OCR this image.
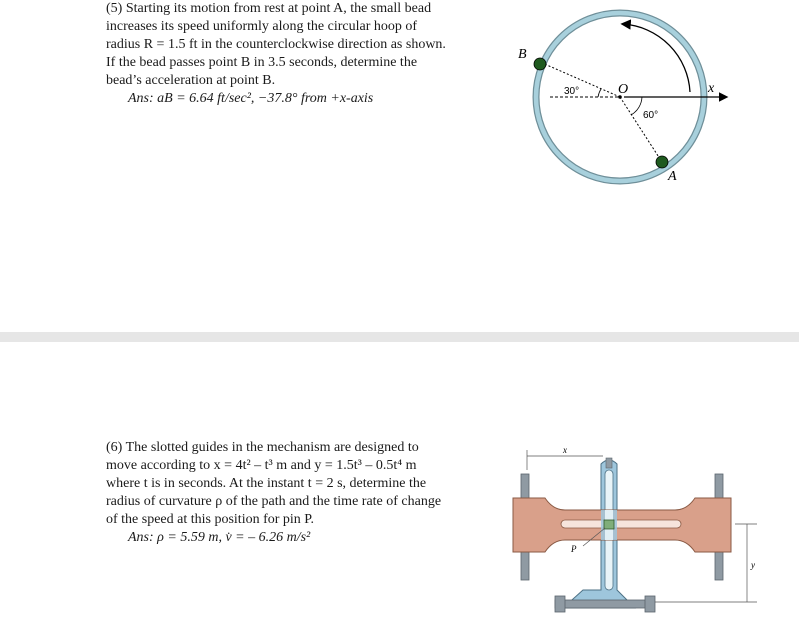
(5) Starting its motion from rest at point A, the small bead

increases its speed uniformly along the circular hoop of

radius R = 1.5 ft in the counterclockwise direction as shown.

If the bead passes point B in 3.5 seconds, determine the

bead’s acceleration at point B.

Ans: aB = 6.64 ft/sec², −37.8° from +x-axis

B
O
A
x
30°
60°

(6) The slotted guides in the mechanism are designed to

move according to x = 4t² – t³ m and y = 1.5t³ – 0.5t⁴ m

where t is in seconds. At the instant t = 2 s, determine the

radius of curvature ρ of the path and the time rate of change

of the speed at this position for pin P.

Ans: ρ = 5.59 m, v̇ = – 6.26 m/s²

x
P
y
